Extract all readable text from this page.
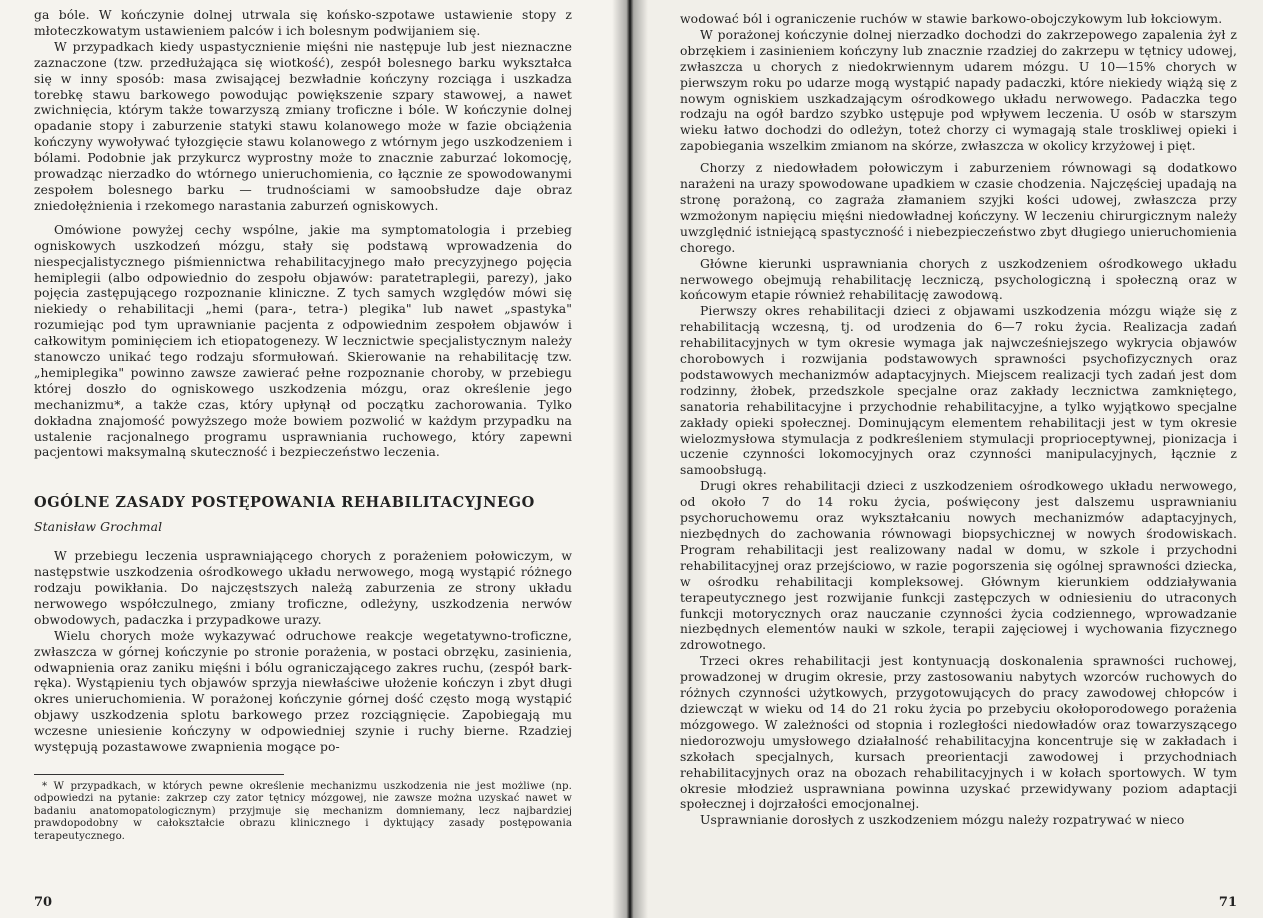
ga bóle. W kończynie dolnej utrwala się końsko-szpotawe ustawienie stopy z młoteczkowatym ustawieniem palców i ich bolesnym podwijaniem się.

W przypadkach kiedy uspastycznienie mięśni nie następuje lub jest nieznaczne zaznaczone (tzw. przedłużająca się wiotkość), zespół bolesnego barku wykształca się w inny sposób: masa zwisającej bezwładnie kończyny rozciąga i uszkadza torebkę stawu barkowego powodując powiększenie szpary stawowej, a nawet zwichnięcia, którym także towarzyszą zmiany troficzne i bóle. W kończynie dolnej opadanie stopy i zaburzenie statyki stawu kolanowego może w fazie obciążenia kończyny wywoływać tyłozgięcie stawu kolanowego z wtórnym jego uszkodzeniem i bólami. Podobnie jak przykurcz wyprostny może to znacznie zaburzać lokomocję, prowadząc nierzadko do wtórnego unieruchomienia, co łącznie ze spowodowanymi zespołem bolesnego barku — trudnościami w samoobsłudze daje obraz zniedołężnienia i rzekomego narastania zaburzeń ogniskowych.

Omówione powyżej cechy wspólne, jakie ma symptomatologia i przebieg ogniskowych uszkodzeń mózgu, stały się podstawą wprowadzenia do niespecjalistycznego piśmiennictwa rehabilitacyjnego mało precyzyjnego pojęcia hemiplegii (albo odpowiednio do zespołu objawów: paratetraplegii, parezy), jako pojęcia zastępującego rozpoznanie kliniczne. Z tych samych względów mówi się niekiedy o rehabilitacji „hemi (para-, tetra-) plegika" lub nawet „spastyka" rozumiejąc pod tym uprawnianie pacjenta z odpowiednim zespołem objawów i całkowitym pominięciem ich etiopatogenezy. W lecznictwie specjalistycznym należy stanowczo unikać tego rodzaju sformułowań. Skierowanie na rehabilitację tzw. „hemiplegika" powinno zawsze zawierać pełne rozpoznanie choroby, w przebiegu której doszło do ogniskowego uszkodzenia mózgu, oraz określenie jego mechanizmu*, a także czas, który upłynął od początku zachorowania. Tylko dokładna znajomość powyższego może bowiem pozwolić w każdym przypadku na ustalenie racjonalnego programu usprawniania ruchowego, który zapewni pacjentowi maksymalną skuteczność i bezpieczeństwo leczenia.

OGÓLNE ZASADY POSTĘPOWANIA REHABILITACYJNEGO

Stanisław Grochmal

W przebiegu leczenia usprawniającego chorych z porażeniem połowiczym, w następstwie uszkodzenia ośrodkowego układu nerwowego, mogą wystąpić różnego rodzaju powikłania. Do najczęstszych należą zaburzenia ze strony układu nerwowego współczulnego, zmiany troficzne, odleżyny, uszkodzenia nerwów obwodowych, padaczka i przypadkowe urazy.

Wielu chorych może wykazywać odruchowe reakcje wegetatywno-troficzne, zwłaszcza w górnej kończynie po stronie porażenia, w postaci obrzęku, zasinienia, odwapnienia oraz zaniku mięśni i bólu ograniczającego zakres ruchu, (zespół bark-ręka). Wystąpieniu tych objawów sprzyja niewłaściwe ułożenie kończyn i zbyt długi okres unieruchomienia. W porażonej kończynie górnej dość często mogą wystąpić objawy uszkodzenia splotu barkowego przez rozciągnięcie. Zapobiegają mu wczesne uniesienie kończyny w odpowiedniej szynie i ruchy bierne. Rzadziej występują pozastawowe zwapnienia mogące po-

* W przypadkach, w których pewne określenie mechanizmu uszkodzenia nie jest możliwe (np. odpowiedzi na pytanie: zakrzep czy zator tętnicy mózgowej, nie zawsze można uzyskać nawet w badaniu anatomopatologicznym) przyjmuje się mechanizm domniemany, lecz najbardziej prawdopodobny w całokształcie obrazu klinicznego i dyktujący zasady postępowania terapeutycznego.

70

wodować ból i ograniczenie ruchów w stawie barkowo-obojczykowym lub łokciowym.

W porażonej kończynie dolnej nierzadko dochodzi do zakrzepowego zapalenia żył z obrzękiem i zasinieniem kończyny lub znacznie rzadziej do zakrzepu w tętnicy udowej, zwłaszcza u chorych z niedokrwiennym udarem mózgu. U 10—15% chorych w pierwszym roku po udarze mogą wystąpić napady padaczki, które niekiedy wiążą się z nowym ogniskiem uszkadzającym ośrodkowego układu nerwowego. Padaczka tego rodzaju na ogół bardzo szybko ustępuje pod wpływem leczenia. U osób w starszym wieku łatwo dochodzi do odleżyn, toteż chorzy ci wymagają stale troskliwej opieki i zapobiegania wszelkim zmianom na skórze, zwłaszcza w okolicy krzyżowej i pięt.

Chorzy z niedowładem połowiczym i zaburzeniem równowagi są dodatkowo narażeni na urazy spowodowane upadkiem w czasie chodzenia. Najczęściej upadają na stronę porażoną, co zagraża złamaniem szyjki kości udowej, zwłaszcza przy wzmożonym napięciu mięśni niedowładnej kończyny. W leczeniu chirurgicznym należy uwzględnić istniejącą spastyczność i niebezpieczeństwo zbyt długiego unieruchomienia chorego.

Główne kierunki usprawniania chorych z uszkodzeniem ośrodkowego układu nerwowego obejmują rehabilitację leczniczą, psychologiczną i społeczną oraz w końcowym etapie również rehabilitację zawodową.

Pierwszy okres rehabilitacji dzieci z objawami uszkodzenia mózgu wiąże się z rehabilitacją wczesną, tj. od urodzenia do 6—7 roku życia. Realizacja zadań rehabilitacyjnych w tym okresie wymaga jak najwcześniejszego wykrycia objawów chorobowych i rozwijania podstawowych sprawności psychofizycznych oraz podstawowych mechanizmów adaptacyjnych. Miejscem realizacji tych zadań jest dom rodzinny, żłobek, przedszkole specjalne oraz zakłady lecznictwa zamkniętego, sanatoria rehabilitacyjne i przychodnie rehabilitacyjne, a tylko wyjątkowo specjalne zakłady opieki społecznej. Dominującym elementem rehabilitacji jest w tym okresie wielozmysłowa stymulacja z podkreśleniem stymulacji proprioceptywnej, pionizacja i uczenie czynności lokomocyjnych oraz czynności manipulacyjnych, łącznie z samoobsługą.

Drugi okres rehabilitacji dzieci z uszkodzeniem ośrodkowego układu nerwowego, od około 7 do 14 roku życia, poświęcony jest dalszemu usprawnianiu psychoruchowemu oraz wykształcaniu nowych mechanizmów adaptacyjnych, niezbędnych do zachowania równowagi biopsychicznej w nowych środowiskach. Program rehabilitacji jest realizowany nadal w domu, w szkole i przychodni rehabilitacyjnej oraz przejściowo, w razie pogorszenia się ogólnej sprawności dziecka, w ośrodku rehabilitacji kompleksowej. Głównym kierunkiem oddziaływania terapeutycznego jest rozwijanie funkcji zastępczych w odniesieniu do utraconych funkcji motorycznych oraz nauczanie czynności życia codziennego, wprowadzanie niezbędnych elementów nauki w szkole, terapii zajęciowej i wychowania fizycznego zdrowotnego.

Trzeci okres rehabilitacji jest kontynuacją doskonalenia sprawności ruchowej, prowadzonej w drugim okresie, przy zastosowaniu nabytych wzorców ruchowych do różnych czynności użytkowych, przygotowujących do pracy zawodowej chłopców i dziewcząt w wieku od 14 do 21 roku życia po przebyciu okołoporodowego porażenia mózgowego. W zależności od stopnia i rozległości niedowładów oraz towarzyszącego niedorozwoju umysłowego działalność rehabilitacyjna koncentruje się w zakładach i szkołach specjalnych, kursach preorientacji zawodowej i przychodniach rehabilitacyjnych oraz na obozach rehabilitacyjnych i w kołach sportowych. W tym okresie młodzież usprawniana powinna uzyskać przewidywany poziom adaptacji społecznej i dojrzałości emocjonalnej.

Usprawnianie dorosłych z uszkodzeniem mózgu należy rozpatrywać w nieco

71
